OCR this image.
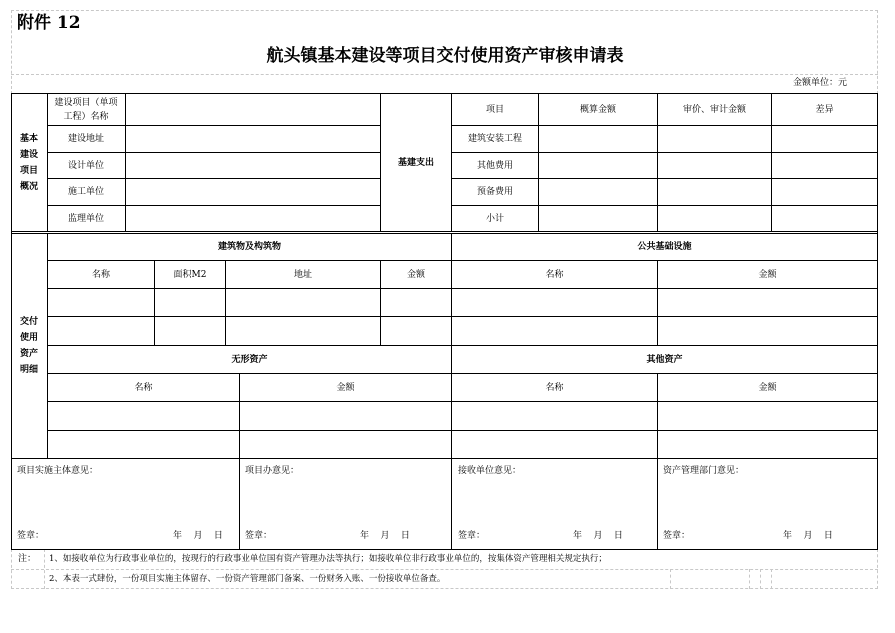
附件 12
航头镇基本建设等项目交付使用资产审核申请表
金额单位：元
基本
建设
项目
概况
建设项目（单项
工程）名称
建设地址
设计单位
施工单位
监理单位
基建支出
项目	概算金额	审价、审计金额	差异
建筑安装工程
其他费用
预备费用
小计
交付
使用
资产
明细
建筑物及构筑物	公共基础设施
名称	面积M2	地址	金额	名称	金额
无形资产	其他资产
名称	金额	名称	金额
项目实施主体意见：
签章：	年    月    日
项目办意见：
签章：	年    月    日
接收单位意见：
签章：	年    月    日
资产管理部门意见：
签章：	年    月    日
注： 1、如接收单位为行政事业单位的，按现行的行政事业单位国有资产管理办法等执行；如接收单位非行政事业单位的，按集体资产管理相关规定执行；
2、本表一式肆份，一份项目实施主体留存、一份资产管理部门备案、一份财务入账、一份接收单位备查。
